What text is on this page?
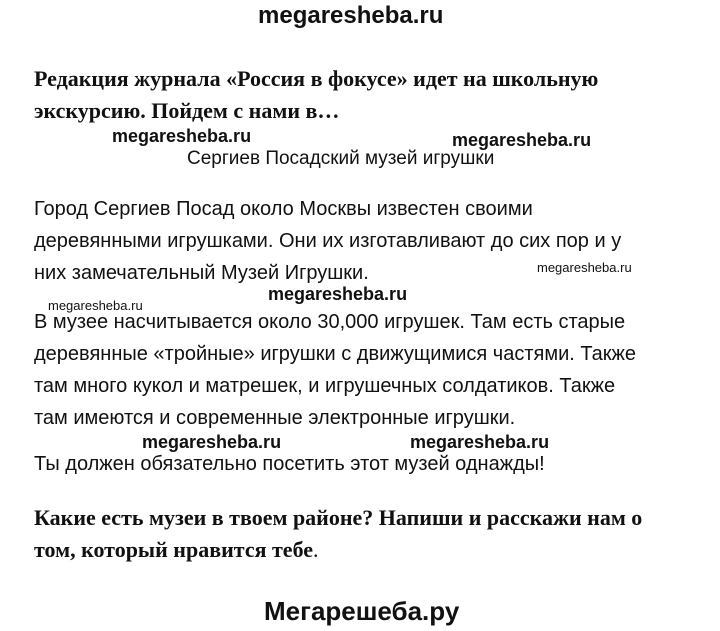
megaresheba.ru
Редакция журнала «Россия в фокусе» идет на школьную
экскурсию. Пойдем с нами в…
megaresheba.ru	megaresheba.ru
Сергиев Посадский музей игрушки
Город Сергиев Посад около Москвы известен своими
деревянными игрушками. Они их изготавливают до сих пор и у
них замечательный Музей Игрушки.	megaresheba.ru
megaresheba.ru
megaresheba.ru
В музее насчитывается около 30,000 игрушек. Там есть старые
деревянные «тройные» игрушки с движущимися частями. Также
там много кукол и матрешек, и игрушечных солдатиков. Также
там имеются и современные электронные игрушки.
megaresheba.ru	megaresheba.ru
Ты должен обязательно посетить этот музей однажды!
Какие есть музеи в твоем районе? Напиши и расскажи нам о
том, который нравится тебе.
Мегарешеба.ру
